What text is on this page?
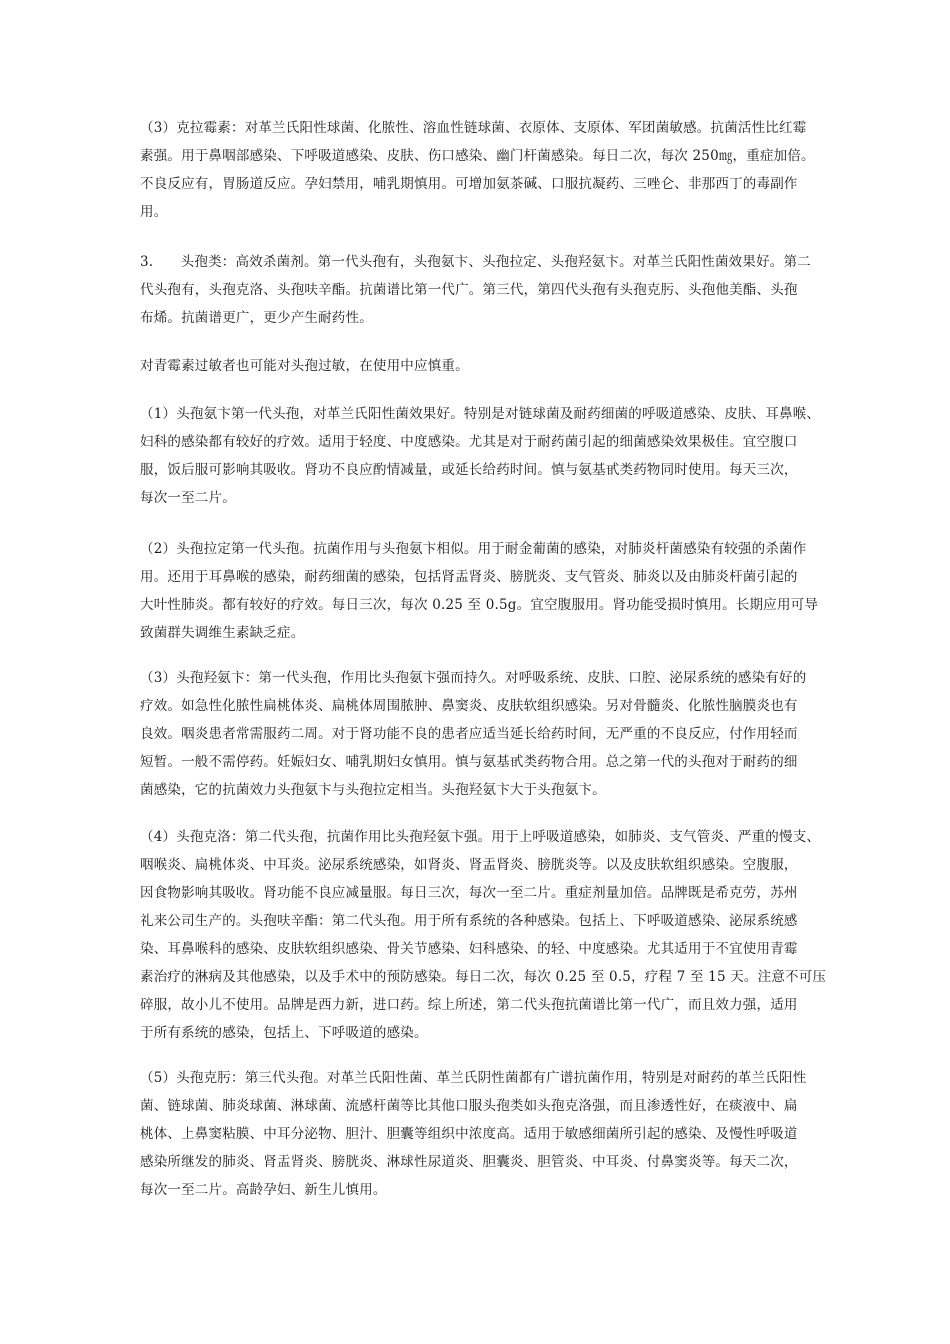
（3）克拉霉素：对革兰氏阳性球菌、化脓性、溶血性链球菌、衣原体、支原体、军团菌敏感。抗菌活性比红霉
素强。用于鼻咽部感染、下呼吸道感染、皮肤、伤口感染、幽门杆菌感染。每日二次，每次 250㎎，重症加倍。
不良反应有，胃肠道反应。孕妇禁用，哺乳期慎用。可增加氨茶碱、口服抗凝药、三唑仑、非那西丁的毒副作
用。
3.　　头孢类：高效杀菌剂。第一代头孢有，头孢氨卞、头孢拉定、头孢羟氨卞。对革兰氏阳性菌效果好。第二
代头孢有，头孢克洛、头孢呋辛酯。抗菌谱比第一代广。第三代，第四代头孢有头孢克肟、头孢他美酯、头孢
布烯。抗菌谱更广，更少产生耐药性。
对青霉素过敏者也可能对头孢过敏，在使用中应慎重。
（1）头孢氨卞第一代头孢，对革兰氏阳性菌效果好。特别是对链球菌及耐药细菌的呼吸道感染、皮肤、耳鼻喉、
妇科的感染都有较好的疗效。适用于轻度、中度感染。尤其是对于耐药菌引起的细菌感染效果极佳。宜空腹口
服，饭后服可影响其吸收。肾功不良应酌情减量，或延长给药时间。慎与氨基甙类药物同时使用。每天三次，
每次一至二片。
（2）头孢拉定第一代头孢。抗菌作用与头孢氨卞相似。用于耐金葡菌的感染，对肺炎杆菌感染有较强的杀菌作
用。还用于耳鼻喉的感染，耐药细菌的感染，包括肾盂肾炎、膀胱炎、支气管炎、肺炎以及由肺炎杆菌引起的
大叶性肺炎。都有较好的疗效。每日三次，每次 0.25 至 0.5g。宜空腹服用。肾功能受损时慎用。长期应用可导
致菌群失调维生素缺乏症。
（3）头孢羟氨卞：第一代头孢，作用比头孢氨卞强而持久。对呼吸系统、皮肤、口腔、泌尿系统的感染有好的
疗效。如急性化脓性扁桃体炎、扁桃体周围脓肿、鼻窦炎、皮肤软组织感染。另对骨髓炎、化脓性脑膜炎也有
良效。咽炎患者常需服药二周。对于肾功能不良的患者应适当延长给药时间，无严重的不良反应，付作用轻而
短暂。一般不需停药。妊娠妇女、哺乳期妇女慎用。慎与氨基甙类药物合用。总之第一代的头孢对于耐药的细
菌感染，它的抗菌效力头孢氨卞与头孢拉定相当。头孢羟氨卞大于头孢氨卞。
（4）头孢克洛：第二代头孢，抗菌作用比头孢羟氨卞强。用于上呼吸道感染，如肺炎、支气管炎、严重的慢支、
咽喉炎、扁桃体炎、中耳炎。泌尿系统感染，如肾炎、肾盂肾炎、膀胱炎等。以及皮肤软组织感染。空腹服，
因食物影响其吸收。肾功能不良应减量服。每日三次，每次一至二片。重症剂量加倍。品牌既是希克劳，苏州
礼来公司生产的。头孢呋辛酯：第二代头孢。用于所有系统的各种感染。包括上、下呼吸道感染、泌尿系统感
染、耳鼻喉科的感染、皮肤软组织感染、骨关节感染、妇科感染、的轻、中度感染。尤其适用于不宜使用青霉
素治疗的淋病及其他感染，以及手术中的预防感染。每日二次，每次 0.25 至 0.5，疗程 7 至 15 天。注意不可压
碎服，故小儿不使用。品牌是西力新，进口药。综上所述，第二代头孢抗菌谱比第一代广，而且效力强，适用
于所有系统的感染，包括上、下呼吸道的感染。
（5）头孢克肟：第三代头孢。对革兰氏阳性菌、革兰氏阴性菌都有广谱抗菌作用，特别是对耐药的革兰氏阳性
菌、链球菌、肺炎球菌、淋球菌、流感杆菌等比其他口服头孢类如头孢克洛强，而且渗透性好，在痰液中、扁
桃体、上鼻窦粘膜、中耳分泌物、胆汁、胆囊等组织中浓度高。适用于敏感细菌所引起的感染、及慢性呼吸道
感染所继发的肺炎、肾盂肾炎、膀胱炎、淋球性尿道炎、胆囊炎、胆管炎、中耳炎、付鼻窦炎等。每天二次，
每次一至二片。高龄孕妇、新生儿慎用。
